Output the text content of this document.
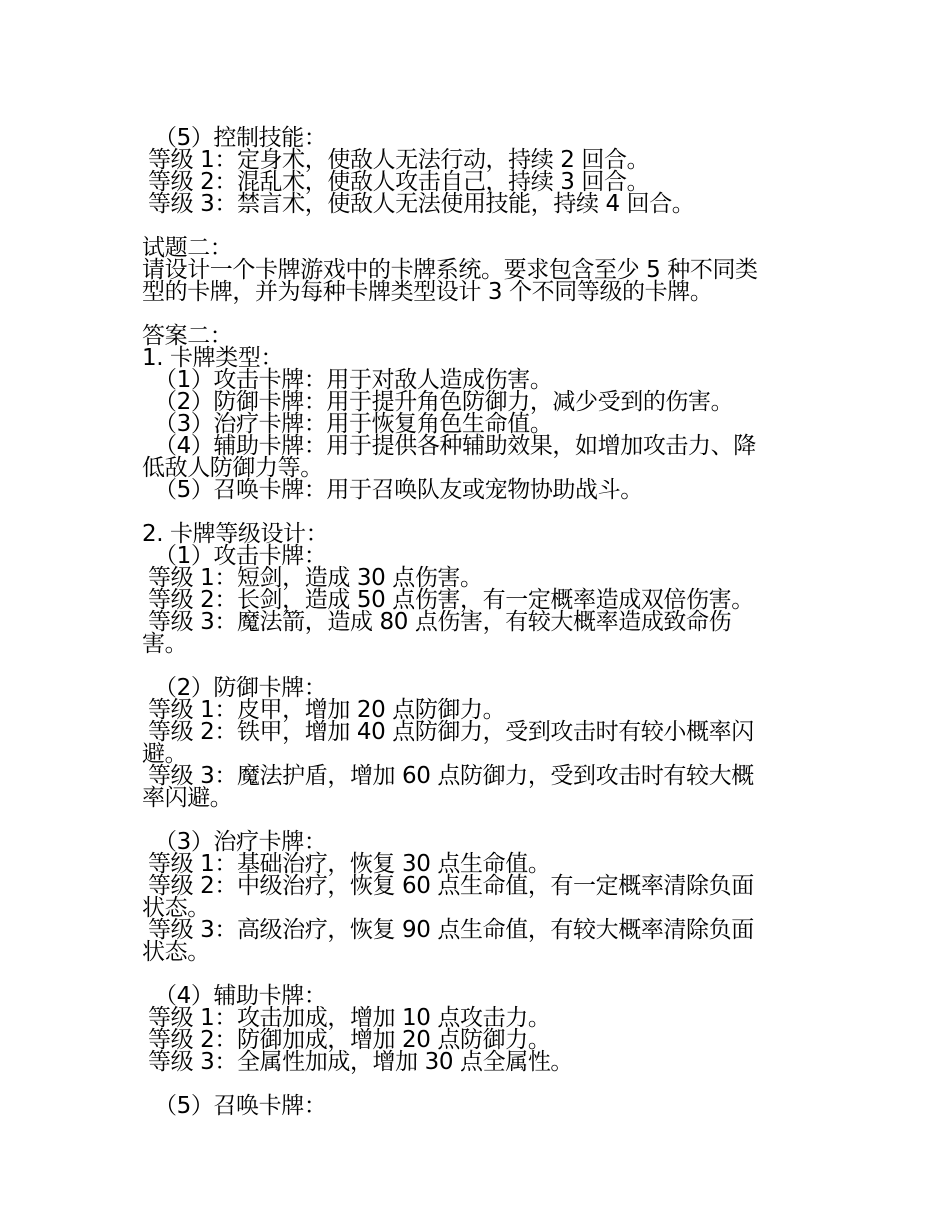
（5）控制技能：
等级 1：定身术，使敌人无法行动，持续 2 回合。
等级 2：混乱术，使敌人攻击自己，持续 3 回合。
等级 3：禁言术，使敌人无法使用技能，持续 4 回合。
试题二：
请设计一个卡牌游戏中的卡牌系统。要求包含至少 5 种不同类
型的卡牌，并为每种卡牌类型设计 3 个不同等级的卡牌。
答案二：
1. 卡牌类型：
（1）攻击卡牌：用于对敌人造成伤害。
（2）防御卡牌：用于提升角色防御力，减少受到的伤害。
（3）治疗卡牌：用于恢复角色生命值。
（4）辅助卡牌：用于提供各种辅助效果，如增加攻击力、降
低敌人防御力等。
（5）召唤卡牌：用于召唤队友或宠物协助战斗。
2. 卡牌等级设计：
（1）攻击卡牌：
等级 1：短剑，造成 30 点伤害。
等级 2：长剑，造成 50 点伤害，有一定概率造成双倍伤害。
等级 3：魔法箭，造成 80 点伤害，有较大概率造成致命伤
害。
（2）防御卡牌：
等级 1：皮甲，增加 20 点防御力。
等级 2：铁甲，增加 40 点防御力，受到攻击时有较小概率闪
避。
等级 3：魔法护盾，增加 60 点防御力，受到攻击时有较大概
率闪避。
（3）治疗卡牌：
等级 1：基础治疗，恢复 30 点生命值。
等级 2：中级治疗，恢复 60 点生命值，有一定概率清除负面
状态。
等级 3：高级治疗，恢复 90 点生命值，有较大概率清除负面
状态。
（4）辅助卡牌：
等级 1：攻击加成，增加 10 点攻击力。
等级 2：防御加成，增加 20 点防御力。
等级 3：全属性加成，增加 30 点全属性。
（5）召唤卡牌：
